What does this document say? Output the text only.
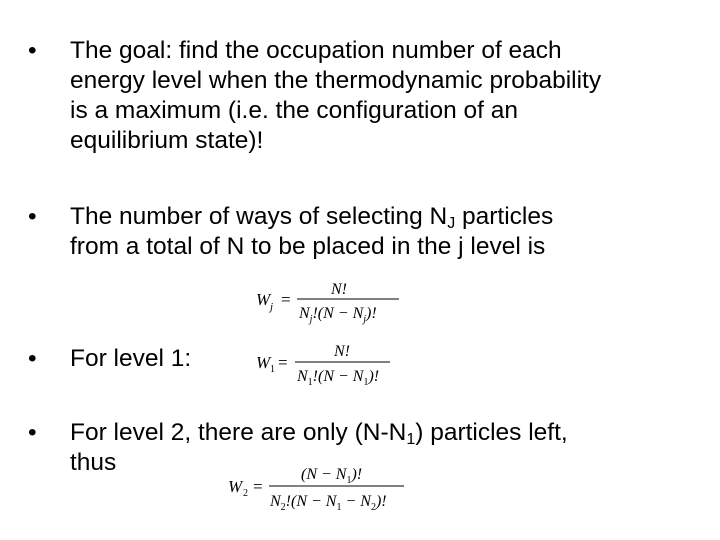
• The goal: find the occupation number of each
energy level when the thermodynamic probability
is a maximum (i.e. the configuration of an
equilibrium state)!
• The number of ways of selecting $N_J$ particles
from a total of N to be placed in the j level is
• For level 1:
• For level 2, there are only $(N-N_1)$ particles left,
thus
W j =
N!
$N_j!(N - N_j)$!
W 1 =
N!
$N_1!(N - N_1)$!
W 2 =
$(N - N_1)$!
$N_2!(N - N_1 - N_2)$!
